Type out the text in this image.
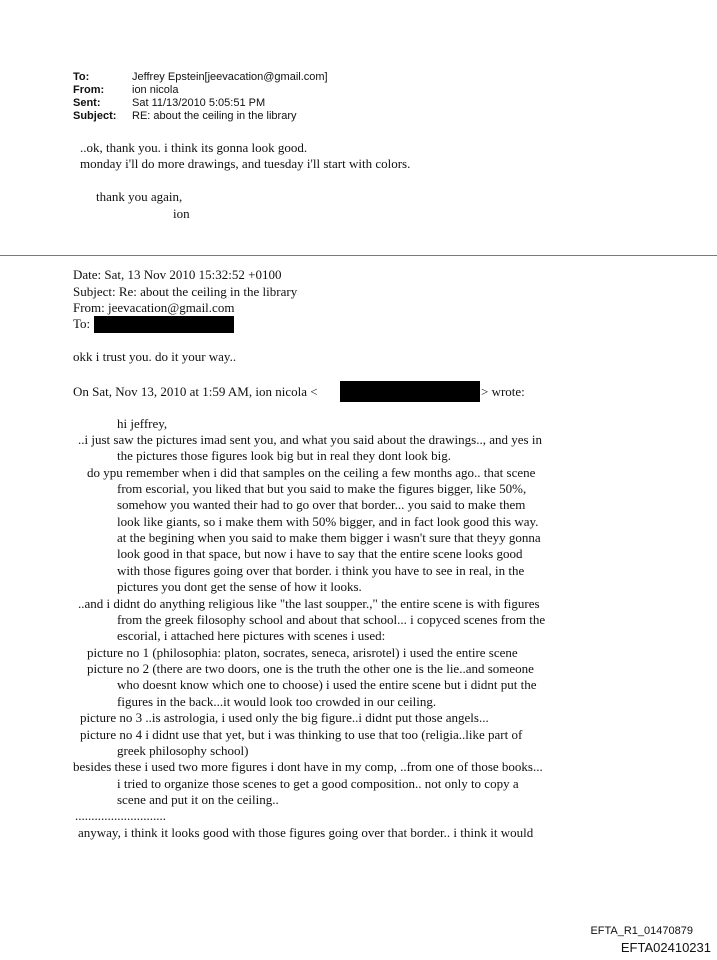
To:	Jeffrey Epstein[jeevacation@gmail.com]
From:	ion nicola
Sent:	Sat 11/13/2010 5:05:51 PM
Subject: RE: about the ceiling in the library
..ok, thank you. i think its gonna look good.
monday i'll do more drawings, and tuesday i'll start with colors.
thank you again,
ion
Date: Sat, 13 Nov 2010 15:32:52 +0100
Subject: Re: about the ceiling in the library
From: jeevacation@gmail.com
To:
okk i trust you. do it your way..
On Sat, Nov 13, 2010 at 1:59 AM, ion nicola <	> wrote:
hi jeffrey,
..i just saw the pictures imad sent you, and what you said about the drawings.., and yes in
the pictures those figures look big but in real they dont look big.
do ypu remember when i did that samples on the ceiling a few months ago.. that scene
from escorial, you liked that but you said to make the figures bigger, like 50%,
somehow you wanted their had to go over that border... you said to make them
look like giants, so i make them with 50% bigger, and in fact look good this way.
at the begining when you said to make them bigger i wasn't sure that theyy gonna
look good in that space, but now i have to say that the entire scene looks good
with those figures going over that border. i think you have to see in real, in the
pictures you dont get the sense of how it looks.
..and i didnt do anything religious like "the last soupper.," the entire scene is with figures
from the greek filosophy school and about that school... i copyced scenes from the
escorial, i attached here pictures with scenes i used:
picture no 1 (philosophia: platon, socrates, seneca, arisrotel) i used the entire scene
picture no 2 (there are two doors, one is the truth the other one is the lie..and someone
who doesnt know which one to choose) i used the entire scene but i didnt put the
figures in the back...it would look too crowded in our ceiling.
picture no 3 ..is astrologia, i used only the big figure..i didnt put those angels...
picture no 4 i didnt use that yet, but i was thinking to use that too (religia..like part of
greek philosophy school)
besides these i used two more figures i dont have in my comp, ..from one of those books...
i tried to organize those scenes to get a good composition.. not only to copy a
scene and put it on the ceiling..
............................
anyway, i think it looks good with those figures going over that border.. i think it would
EFTA_R1_01470879
EFTA02410231
